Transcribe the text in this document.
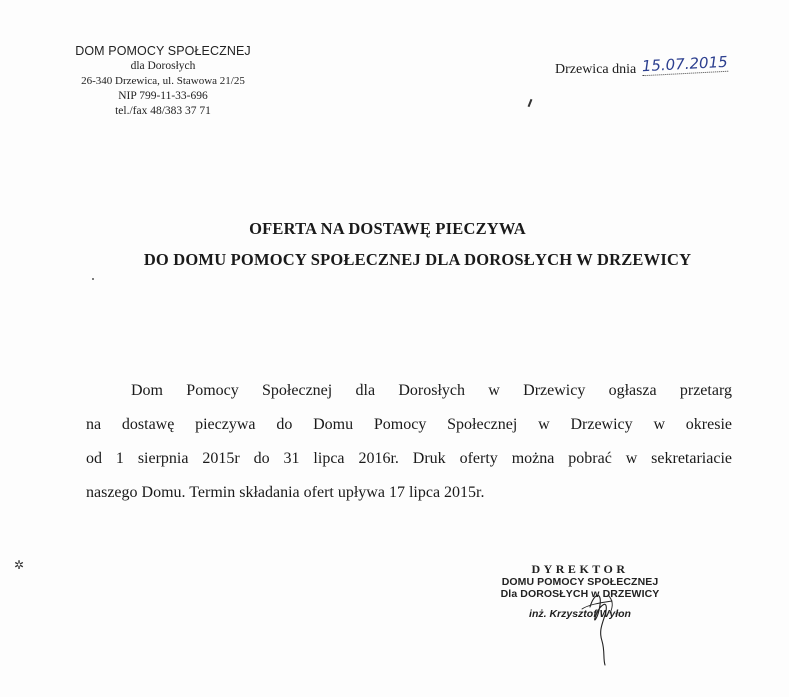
DOM POMOCY SPOŁECZNEJ
dla Dorosłych
26-340 Drzewica, ul. Stawowa 21/25
NIP 799-11-33-696
tel./fax 48/383 37 71
Drzewica dnia 15.07.2015
OFERTA NA DOSTAWĘ PIECZYWA
DO DOMU POMOCY SPOŁECZNEJ DLA DOROSŁYCH W DRZEWICY
Dom Pomocy Społecznej dla Dorosłych w Drzewicy ogłasza przetarg
na dostawę pieczywa do Domu Pomocy Społecznej w Drzewicy w okresie
od 1 sierpnia 2015r do 31 lipca 2016r. Druk oferty można pobrać w sekretariacie
naszego Domu. Termin składania ofert upływa 17 lipca 2015r.
✲	DYREKTOR
DOMU POMOCY SPOŁECZNEJ
Dla DOROSŁYCH w DRZEWICY
inż. Krzysztof Wyłon
